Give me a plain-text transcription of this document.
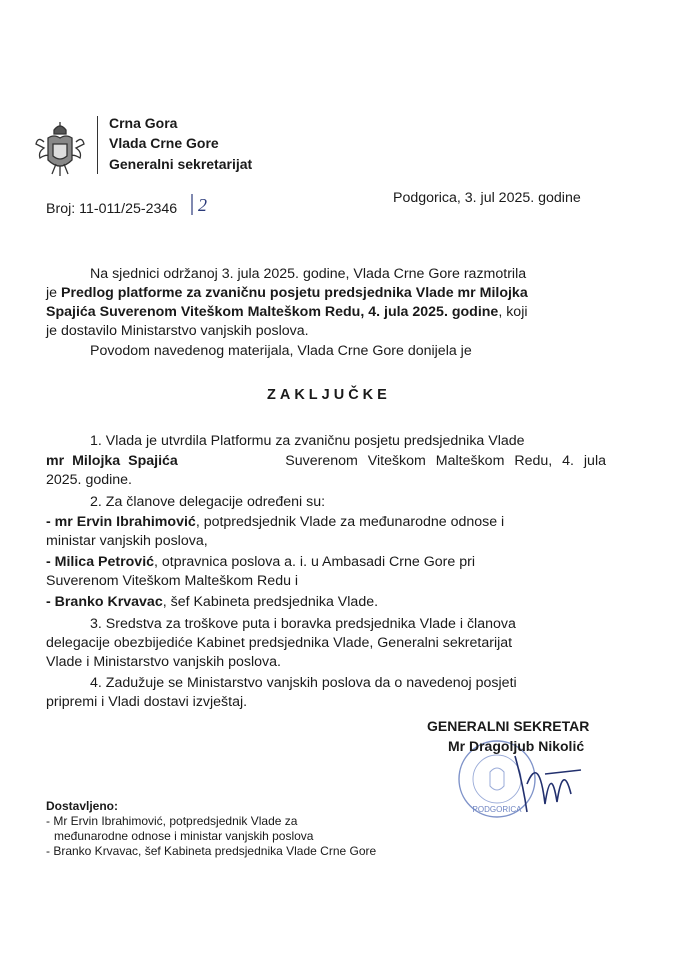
Crna Gora
Vlada Crne Gore
Generalni sekretarijat
Broj: 11-011/25-2346 2	Podgorica, 3. jul 2025. godine
Na sjednici održanoj 3. jula 2025. godine, Vlada Crne Gore razmotrila
je Predlog platforme za zvaničnu posjetu predsjednika Vlade mr Milojka
Spajića Suverenom Viteškom Malteškom Redu, 4. jula 2025. godine, koji
je dostavilo Ministarstvo vanjskih poslova.
Povodom navedenog materijala, Vlada Crne Gore donijela je
ZAKLJUČKE
1. Vlada je utvrdila Platformu za zvaničnu posjetu predsjednika Vlade
mr Milojka Spajića	Suverenom Viteškom Malteškom Redu, 4. jula
2025. godine.
2. Za članove delegacije određeni su:
- mr Ervin Ibrahimović, potpredsjednik Vlade za međunarodne odnose i
ministar vanjskih poslova,
- Milica Petrović, otpravnica poslova a. i. u Ambasadi Crne Gore pri
Suverenom Viteškom Malteškom Redu i
- Branko Krvavac, šef Kabineta predsjednika Vlade.
3. Sredstva za troškove puta i boravka predsjednika Vlade i članova
delegacije obezbijediće Kabinet predsjednika Vlade, Generalni sekretarijat
Vlade i Ministarstvo vanjskih poslova.
4. Zadužuje se Ministarstvo vanjskih poslova da o navedenoj posjeti
pripremi i Vladi dostavi izvještaj.
GENERALNI SEKRETAR
PODGORICA
Mr Dragoljub Nikolić
Dostavljeno:
- Mr Ervin Ibrahimović, potpredsjednik Vlade za
međunarodne odnose i ministar vanjskih poslova
- Branko Krvavac, šef Kabineta predsjednika Vlade Crne Gore
